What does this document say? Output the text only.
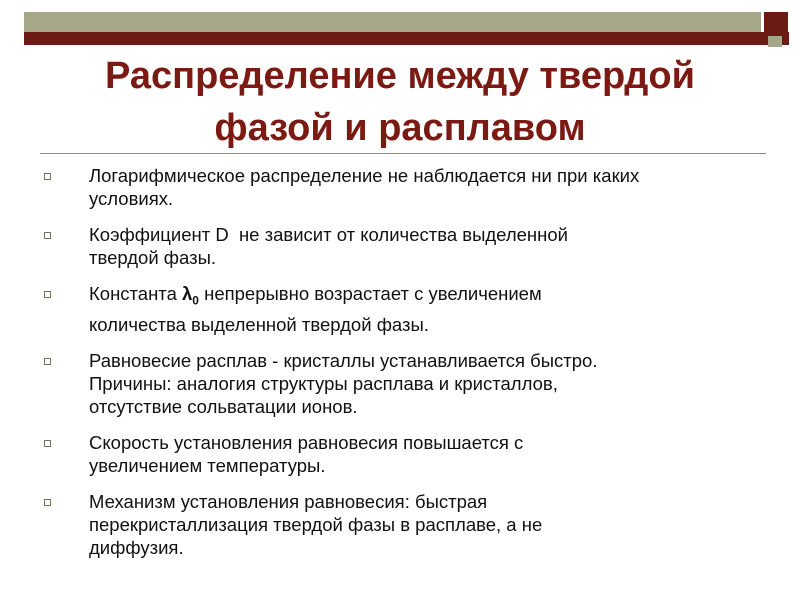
Распределение между твердой
фазой и расплавом
Логарифмическое распределение не наблюдается ни при каких
условиях.
Коэффициент D  не зависит от количества выделенной
твердой фазы.
Константа $\lambda_0$ непрерывно возрастает с увеличением
количества выделенной твердой фазы.
Равновесие расплав - кристаллы устанавливается быстро.
Причины: аналогия структуры расплава и кристаллов,
отсутствие сольватации ионов.
Скорость установления равновесия повышается с
увеличением температуры.
Механизм установления равновесия: быстрая
перекристаллизация твердой фазы в расплаве, а не
диффузия.
